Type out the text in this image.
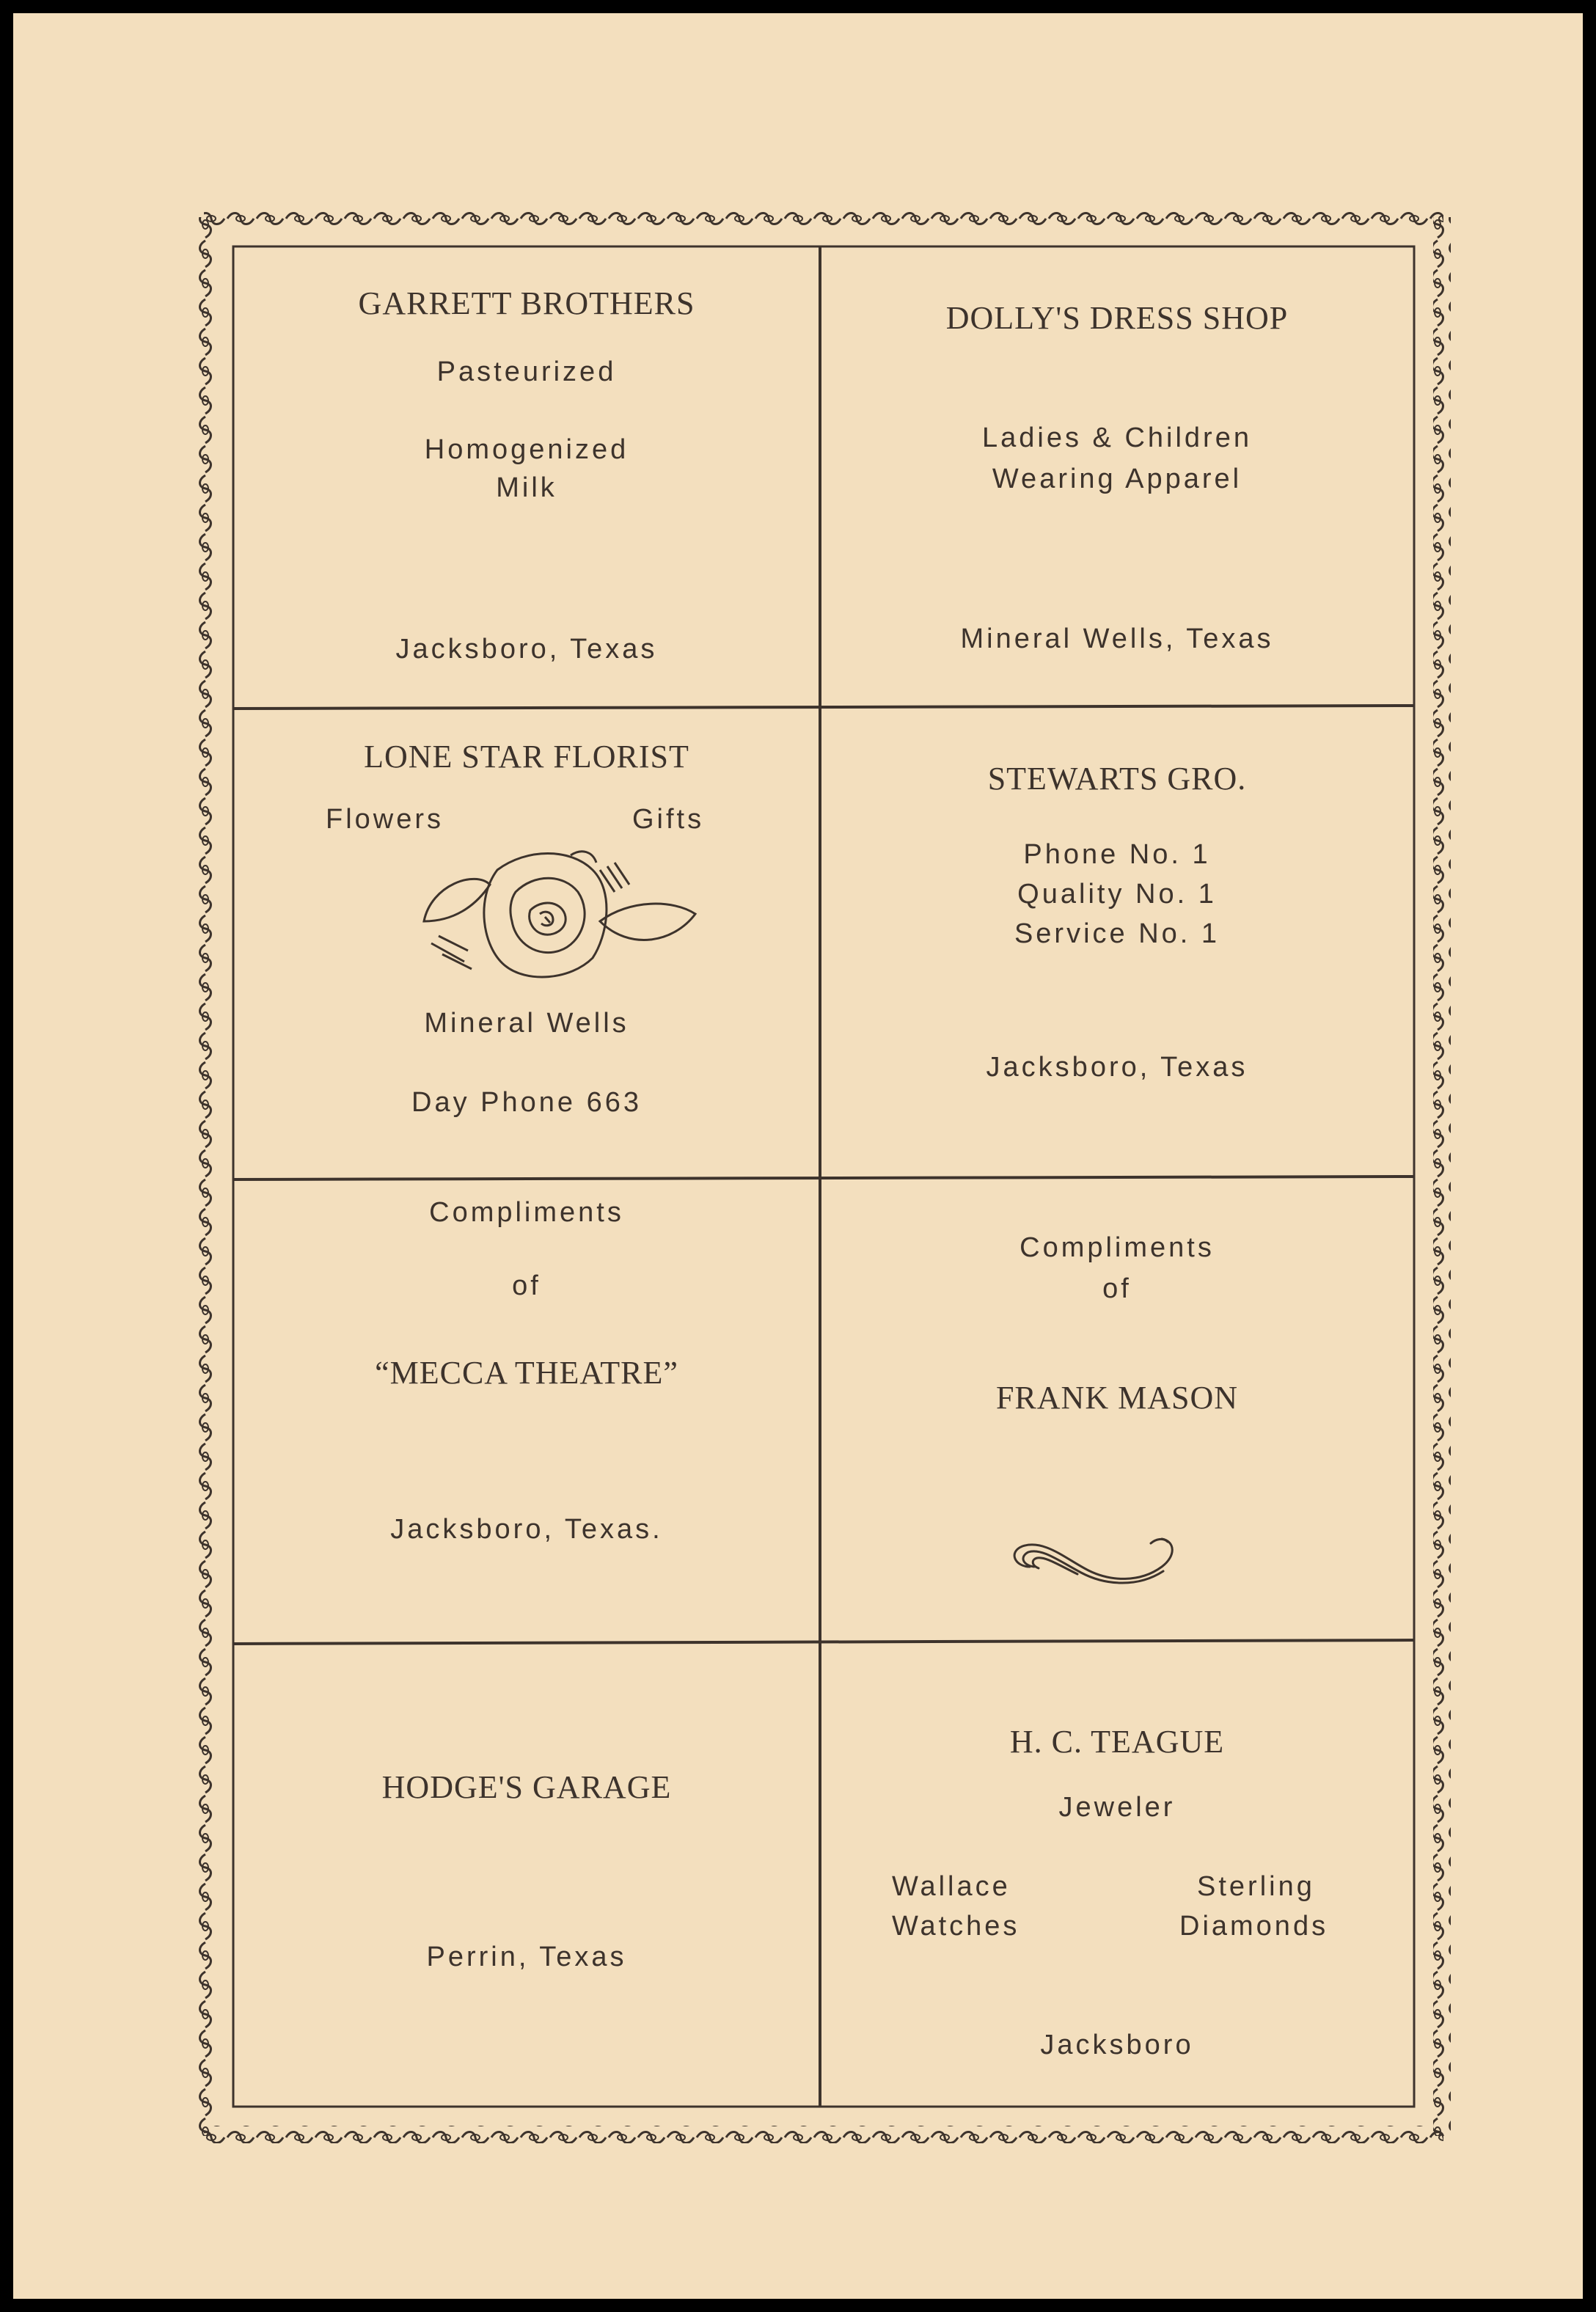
GARRETT BROTHERS
Pasteurized
Homogenized
Milk
Jacksboro, Texas
DOLLY'S DRESS SHOP
Ladies & Children
Wearing Apparel
Mineral Wells, Texas
LONE STAR FLORIST
Flowers	Gifts
Mineral Wells
Day Phone 663
STEWARTS GRO.
Phone No. 1
Quality No. 1
Service No. 1
Jacksboro, Texas
Compliments
of
“MECCA THEATRE”
Jacksboro, Texas.
Compliments
of
FRANK MASON
HODGE'S GARAGE
Perrin, Texas
H. C. TEAGUE
Jeweler
Wallace
Watches
Sterling
Diamonds
Jacksboro
